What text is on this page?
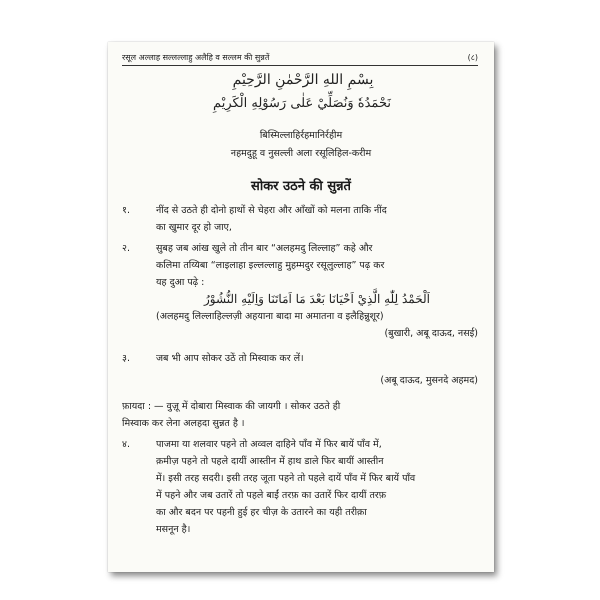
रसूल अल्लाह सल्लल्लाहु अलैहि व सल्लम की सुन्नतें	(८)
بِسْمِ اللهِ الرَّحْمٰنِ الرَّحِيْمِ
نَحْمَدُهٗ وَنُصَلِّيْ عَلٰى رَسُوْلِهِ الْكَرِيْمِ
बिस्मिल्लाहिर्रहमानिर्रहीम
नहमदुहू व नुसल्ली अला रसूलिहिल-करीम
सोकर उठने की सुन्नतें
१.	नींद से उठते ही दोनो हाथों से चेहरा और आँखों को मलना ताकि नींद
का खुमार दूर हो जाए,
२.	सुबह जब आंख खुले तो तीन बार “अलहमदु लिल्लाह” कहे और
कलिमा तय्यिबा “लाइलाहा इल्लल्लाहु मुहम्मदुर रसूलुल्लाह” पढ़ कर
यह दुआ पढ़े :
اَلْحَمْدُ لِلّٰهِ الَّذِيْ اَحْيَانَا بَعْدَ مَا اَمَاتَنَا وَاِلَيْهِ النُّشُوْرُ
(अलहमदु लिल्लाहिल्लज़ी अहयाना बादा मा अमातना व इलैहिन्नुशूर)
(बुखारी, अबू दाऊद, नसई)
३.	जब भी आप सोकर उठें तो मिस्वाक कर लें।
(अबू दाऊद, मुसनदे अहमद)
फ़ायदा : — वुज़ू में दोबारा मिस्वाक की जायगी । सोकर उठते ही
मिस्वाक कर लेना अलहदा सुन्नत है ।
४.	पाजमा या शलवार पहने तो अव्वल दाहिने पाँव में फिर बायें पाँव में,
क़मीज़ पहने तो पहले दायीं आस्तीन में हाथ डाले फिर बायीं आस्तीन
में। इसी तरह सदरी। इसी तरह जूता पहने तो पहले दायें पाँव में फिर बायें पाँव
में पहने और जब उतारें तो पहले बाईं तरफ़ का उतारें फिर दायीं तरफ़
का और बदन पर पहनी हुई हर चीज़ के उतारने का यही तरीक़ा
मसनून है।
